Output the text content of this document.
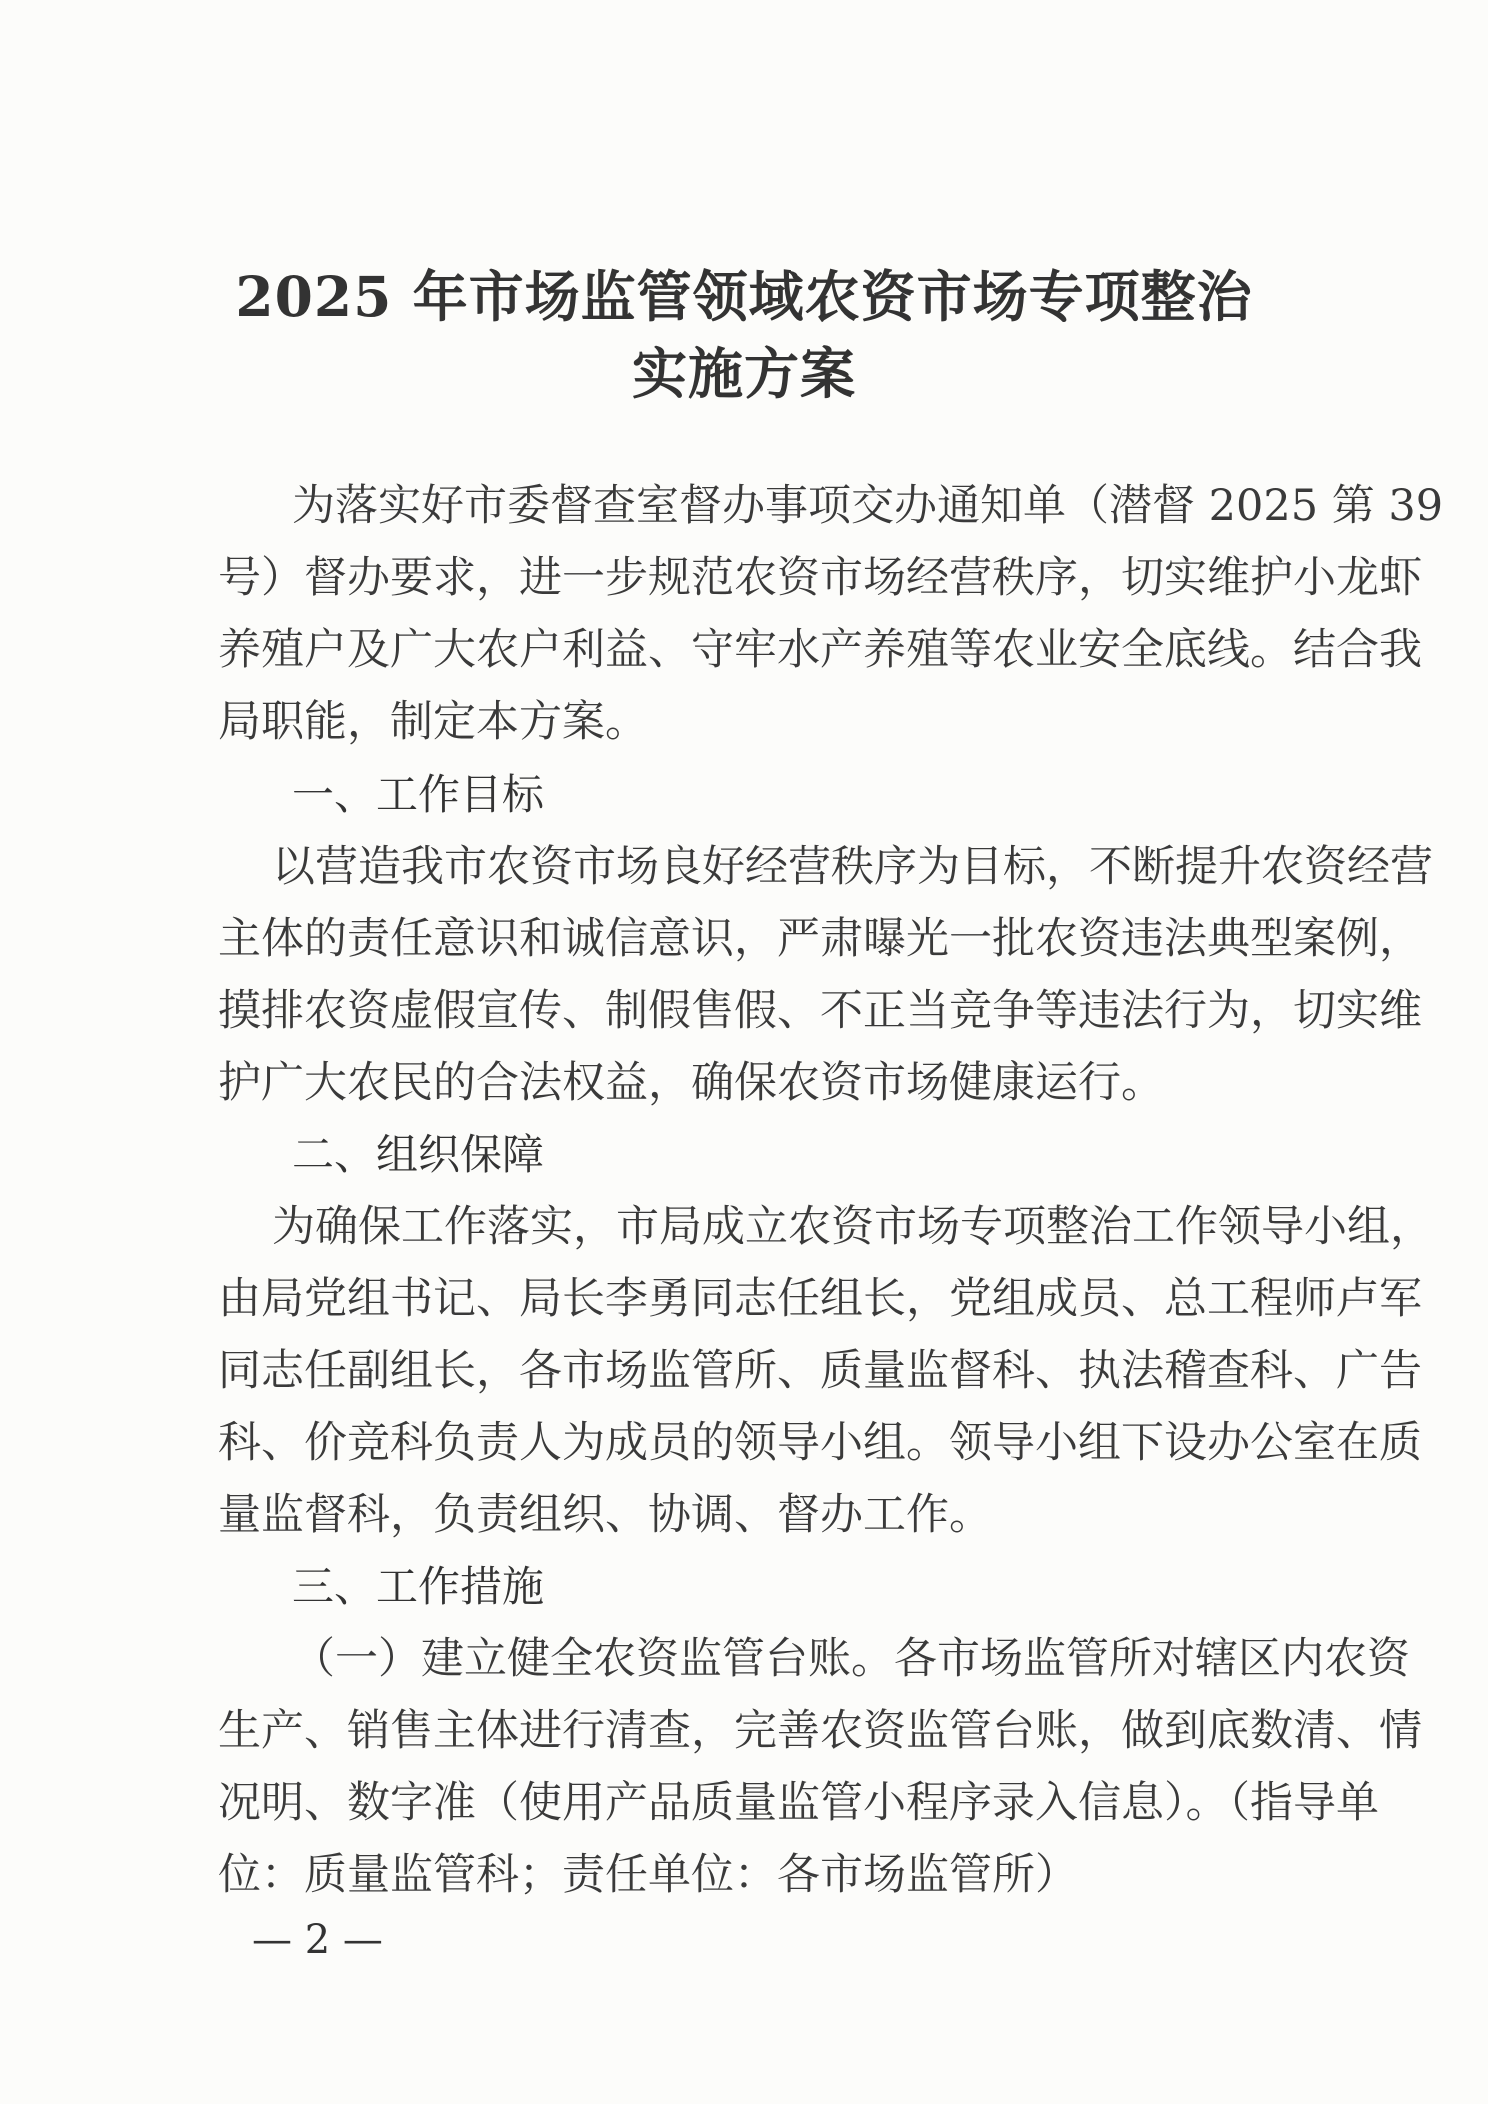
2025 年市场监管领域农资市场专项整治
实施方案
为落实好市委督查室督办事项交办通知单（潜督 2025 第 39
号）督办要求，进一步规范农资市场经营秩序，切实维护小龙虾
养殖户及广大农户利益、守牢水产养殖等农业安全底线。结合我
局职能，制定本方案。
一、工作目标
以营造我市农资市场良好经营秩序为目标，不断提升农资经营
主体的责任意识和诚信意识，严肃曝光一批农资违法典型案例，
摸排农资虚假宣传、制假售假、不正当竞争等违法行为，切实维
护广大农民的合法权益，确保农资市场健康运行。
二、组织保障
为确保工作落实，市局成立农资市场专项整治工作领导小组，
由局党组书记、局长李勇同志任组长，党组成员、总工程师卢军
同志任副组长，各市场监管所、质量监督科、执法稽查科、广告
科、价竞科负责人为成员的领导小组。领导小组下设办公室在质
量监督科，负责组织、协调、督办工作。
三、工作措施
（一）建立健全农资监管台账。各市场监管所对辖区内农资
生产、销售主体进行清查，完善农资监管台账，做到底数清、情
况明、数字准（使用产品质量监管小程序录入信息）。（指导单
位：质量监管科；责任单位：各市场监管所）
— 2 —
